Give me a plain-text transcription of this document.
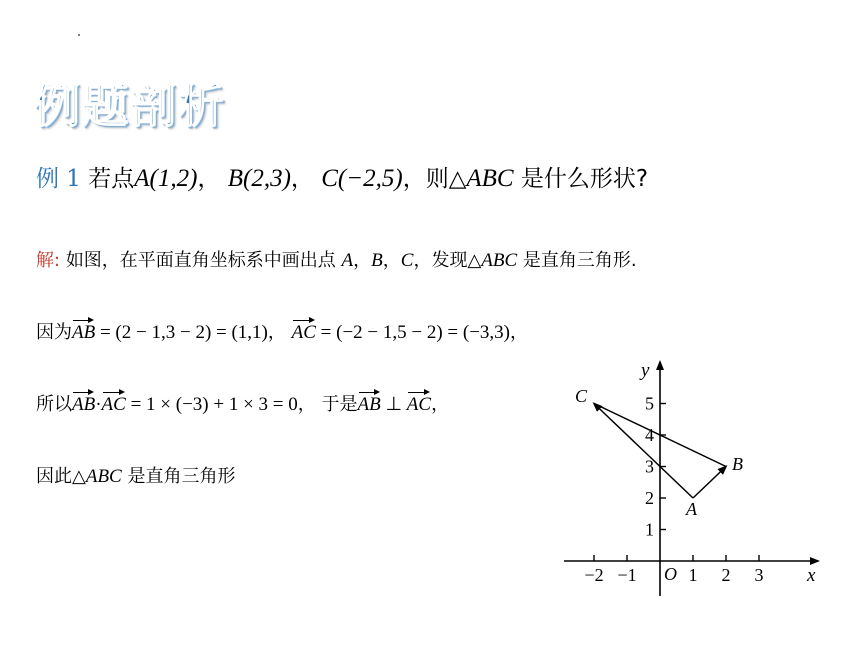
例题剖析
例 1 若点A(1,2)， B(2,3)， C(−2,5)，则△ABC 是什么形状?
解: 如图，在平面直角坐标系中画出点 A，B，C，发现△ABC 是直角三角形.
因为AB = (2 − 1,3 − 2) = (1,1)， AC = (−2 − 1,5 − 2) = (−3,3)，
所以AB·AC = 1 × (−3) + 1 × 3 = 0， 于是AB ⊥ AC，
因此△ABC 是直角三角形
−2 −1	1 2 3
1
2
3
4
5
x
y
O
A
B
C
